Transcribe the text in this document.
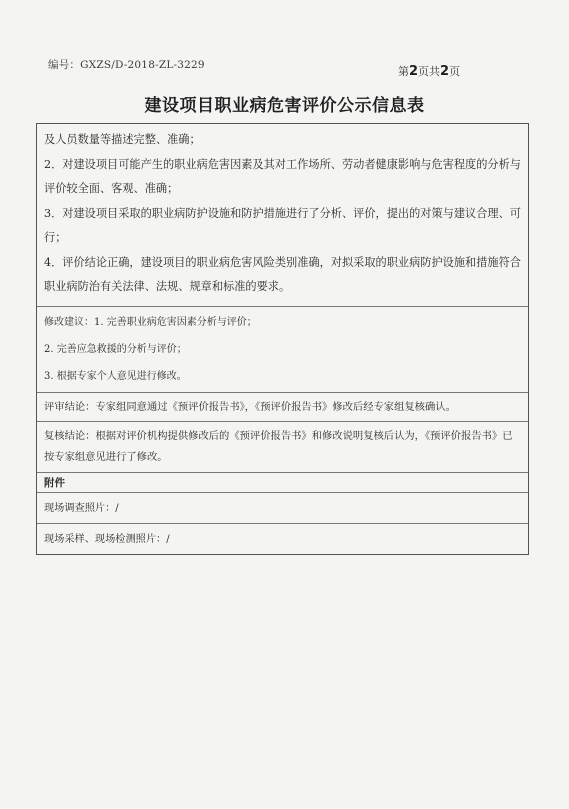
编号：GXZS/D-2018-ZL-3229	第2页共2页
建设项目职业病危害评价公示信息表

及人员数量等描述完整、准确；

2．对建设项目可能产生的职业病危害因素及其对工作场所、劳动者健康影响与危害程度的分析与评价较全面、客观、准确；

3．对建设项目采取的职业病防护设施和防护措施进行了分析、评价，提出的对策与建议合理、可行；

4．评价结论正确，建设项目的职业病危害风险类别准确，对拟采取的职业病防护设施和措施符合职业病防治有关法律、法规、规章和标准的要求。

修改建议：1. 完善职业病危害因素分析与评价；
2. 完善应急救援的分析与评价；
3. 根据专家个人意见进行修改。
评审结论：专家组同意通过《预评价报告书》，《预评价报告书》修改后经专家组复核确认。
复核结论：根据对评价机构提供修改后的《预评价报告书》和修改说明复核后认为，《预评价报告书》已按专家组意见进行了修改。
附件
现场调查照片：/
现场采样、现场检测照片：/
